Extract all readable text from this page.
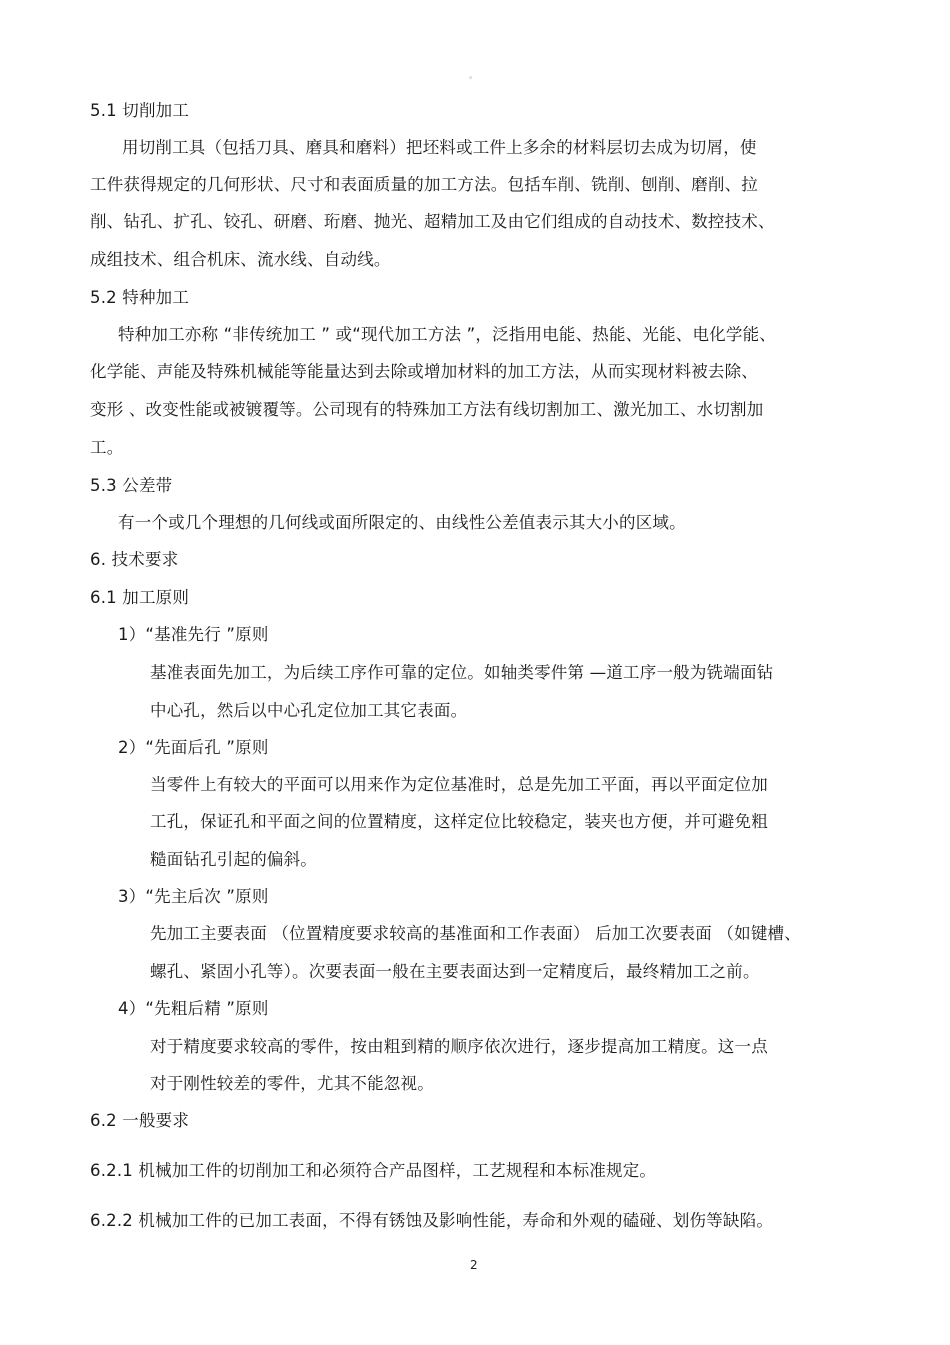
。
5.1 切削加工
用切削工具（包括刀具、磨具和磨料）把坯料或工件上多余的材料层切去成为切屑，使
工件获得规定的几何形状、尺寸和表面质量的加工方法。包括车削、铣削、刨削、磨削、拉
削、钻孔、扩孔、铰孔、研磨、珩磨、抛光、超精加工及由它们组成的自动技术、数控技术、
成组技术、组合机床、流水线、自动线。
5.2 特种加工
特种加工亦称 “非传统加工 ” 或“现代加工方法 ”，泛指用电能、热能、光能、电化学能、
化学能、声能及特殊机械能等能量达到去除或增加材料的加工方法，从而实现材料被去除、
变形 、改变性能或被镀覆等。公司现有的特殊加工方法有线切割加工、激光加工、水切割加
工。
5.3 公差带
有一个或几个理想的几何线或面所限定的、由线性公差值表示其大小的区域。
6. 技术要求
6.1 加工原则
1）“基准先行 ”原则
基准表面先加工，为后续工序作可靠的定位。如轴类零件第 —道工序一般为铣端面钻
中心孔，然后以中心孔定位加工其它表面。
2）“先面后孔 ”原则
当零件上有较大的平面可以用来作为定位基准时，总是先加工平面，再以平面定位加
工孔，保证孔和平面之间的位置精度，这样定位比较稳定，装夹也方便，并可避免粗
糙面钻孔引起的偏斜。
3）“先主后次 ”原则
先加工主要表面 （位置精度要求较高的基准面和工作表面） 后加工次要表面 （如键槽、
螺孔、紧固小孔等）。次要表面一般在主要表面达到一定精度后，最终精加工之前。
4）“先粗后精 ”原则
对于精度要求较高的零件，按由粗到精的顺序依次进行，逐步提高加工精度。这一点
对于刚性较差的零件，尤其不能忽视。
6.2 一般要求
6.2.1 机械加工件的切削加工和必须符合产品图样，工艺规程和本标准规定。
6.2.2 机械加工件的已加工表面，不得有锈蚀及影响性能，寿命和外观的磕碰、划伤等缺陷。
2
